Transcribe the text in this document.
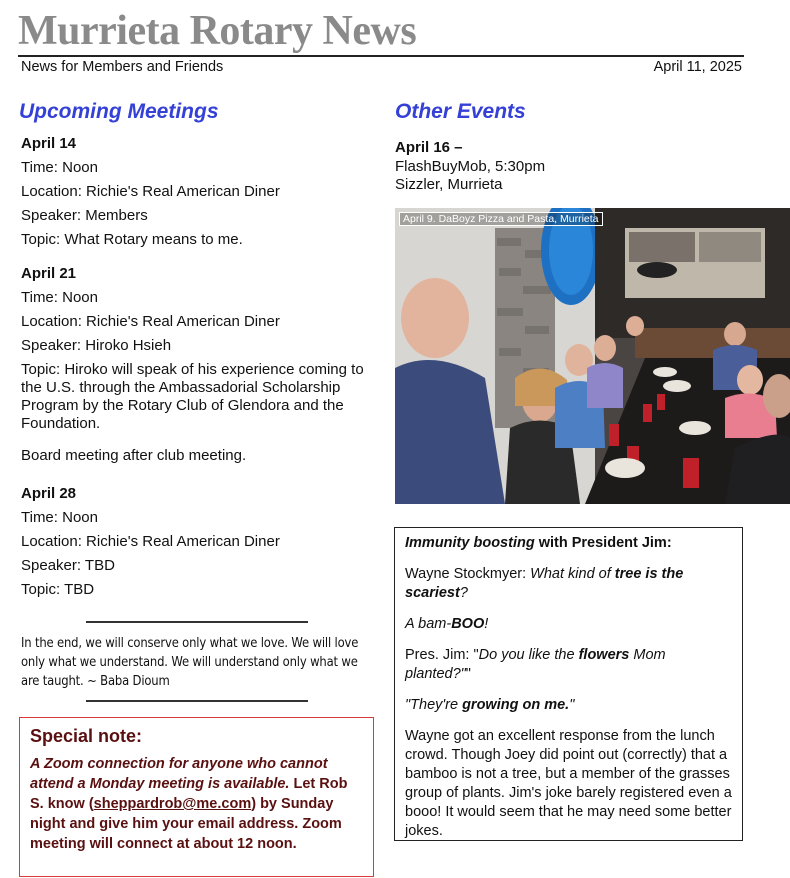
Murrieta Rotary News
News for Members and Friends	April 11, 2025
Upcoming Meetings
April 14
Time: Noon
Location: Richie's Real American Diner
Speaker: Members
Topic: What Rotary means to me.
April 21
Time: Noon
Location: Richie's Real American Diner
Speaker: Hiroko Hsieh
Topic: Hiroko will speak of his experience coming to the U.S. through the Ambassadorial Scholarship Program by the Rotary Club of Glendora and the Foundation.
Board meeting after club meeting.
April 28
Time: Noon
Location: Richie's Real American Diner
Speaker: TBD
Topic: TBD
In the end, we will conserve only what we love. We will love only what we understand. We will understand only what we are taught. ~ Baba Dioum
Special note:
A Zoom connection for anyone who cannot attend a Monday meeting is available. Let Rob S. know (sheppardrob@me.com) by Sunday night and give him your email address. Zoom meeting will connect at about 12 noon.
Other Events
April 16 –
FlashBuyMob, 5:30pm
Sizzler, Murrieta
April 9. DaBoyz Pizza and Pasta, Murrieta

Immunity boosting with President Jim:

Wayne Stockmyer: What kind of tree is the scariest?

A bam-BOO!

Pres. Jim: "Do you like the flowers Mom planted?""

"They're growing on me."

Wayne got an excellent response from the lunch crowd. Though Joey did point out (correctly) that a bamboo is not a tree, but a member of the grasses group of plants. Jim's joke barely registered even a booo! It would seem that he may need some better jokes.
